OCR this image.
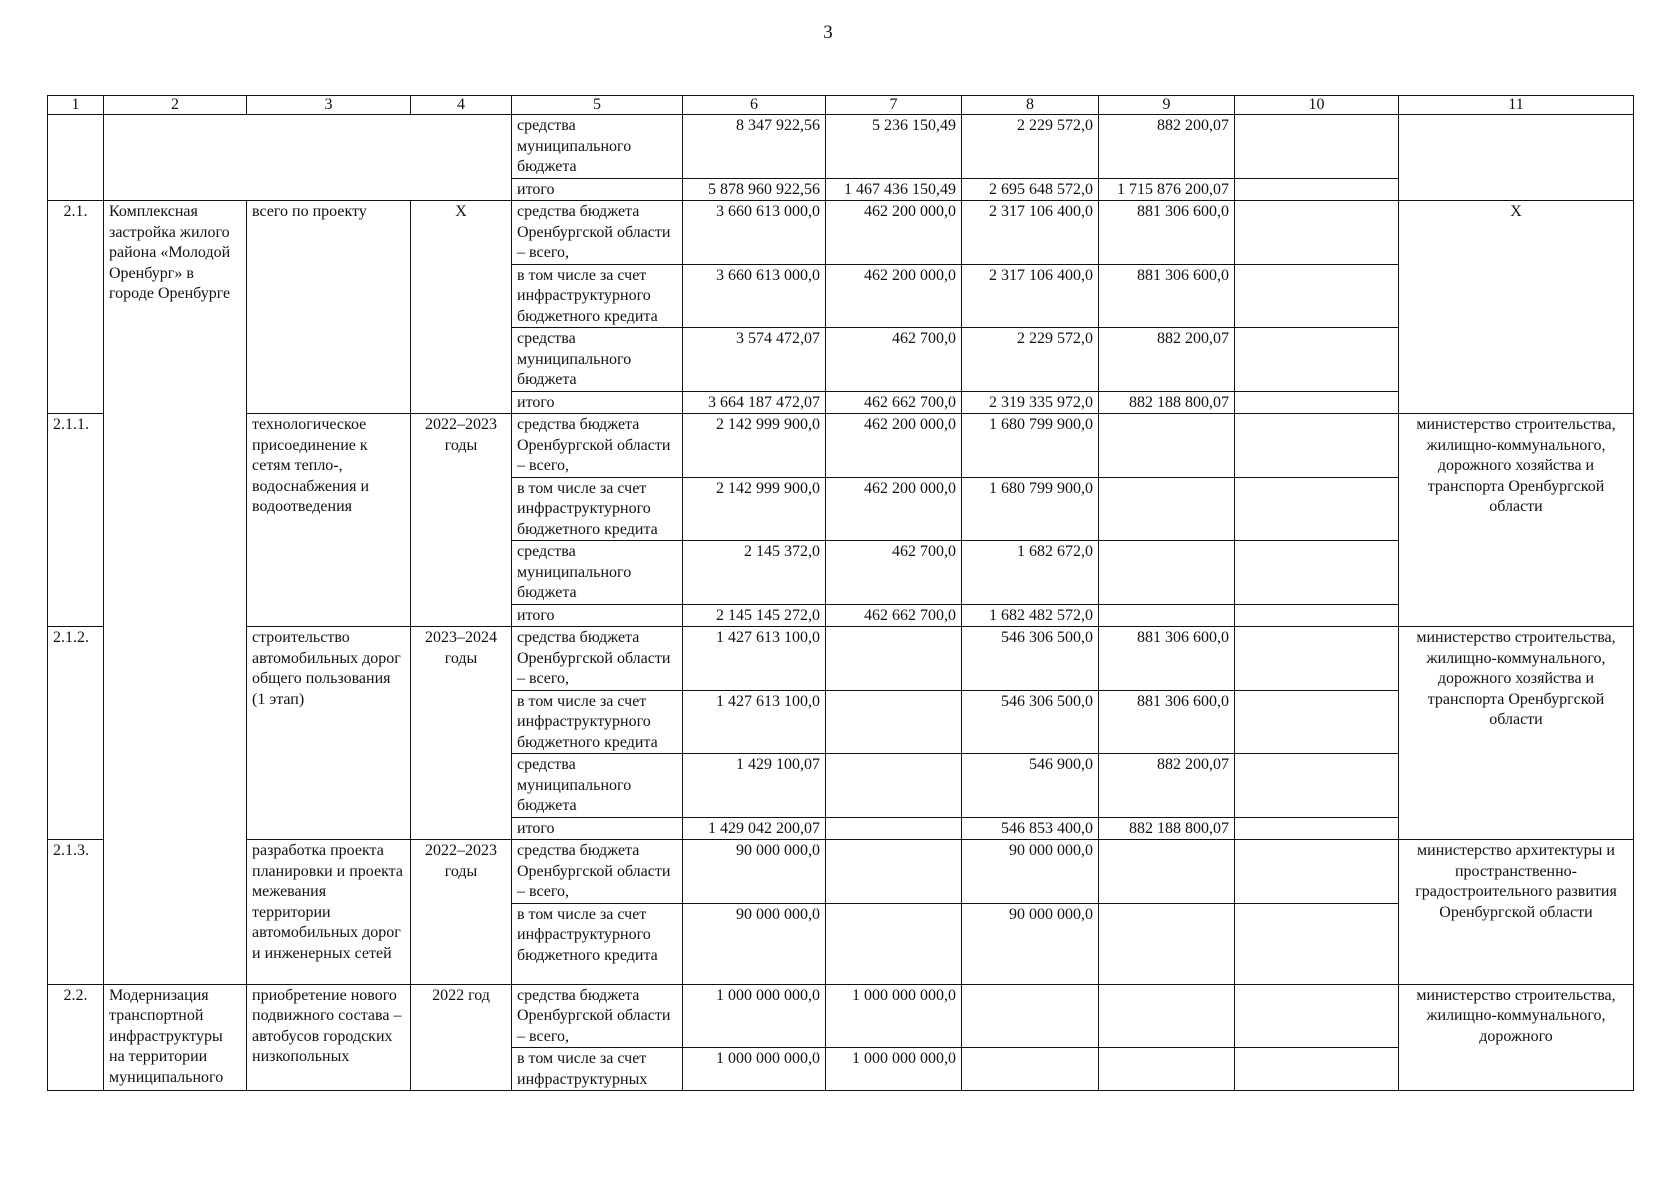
3
1	2	3	4	5	6	7	8	9	10	11
				средства муниципального бюджета	8 347 922,56	5 236 150,49	2 229 572,0	882 200,07		
				итого	5 878 960 922,56	1 467 436 150,49	2 695 648 572,0	1 715 876 200,07		
2.1.	Комплексная застройка жилого района «Молодой Оренбург» в городе Оренбурге	всего по проекту	Х	средства бюджета Оренбургской области – всего,	3 660 613 000,0	462 200 000,0	2 317 106 400,0	881 306 600,0		Х
				в том числе за счет инфраструктурного бюджетного кредита	3 660 613 000,0	462 200 000,0	2 317 106 400,0	881 306 600,0		
				средства муниципального бюджета	3 574 472,07	462 700,0	2 229 572,0	882 200,07		
				итого	3 664 187 472,07	462 662 700,0	2 319 335 972,0	882 188 800,07		
2.1.1.		технологическое присоединение к сетям тепло-, водоснабжения и водоотведения	2022–2023 годы	средства бюджета Оренбургской области – всего,	2 142 999 900,0	462 200 000,0	1 680 799 900,0			министерство строительства, жилищно-коммунального, дорожного хозяйства и транспорта Оренбургской области
				в том числе за счет инфраструктурного бюджетного кредита	2 142 999 900,0	462 200 000,0	1 680 799 900,0			
				средства муниципального бюджета	2 145 372,0	462 700,0	1 682 672,0			
				итого	2 145 145 272,0	462 662 700,0	1 682 482 572,0			
2.1.2.		строительство автомобильных дорог общего пользования (1 этап)	2023–2024 годы	средства бюджета Оренбургской области – всего,	1 427 613 100,0		546 306 500,0	881 306 600,0		министерство строительства, жилищно-коммунального, дорожного хозяйства и транспорта Оренбургской области
				в том числе за счет инфраструктурного бюджетного кредита	1 427 613 100,0		546 306 500,0	881 306 600,0		
				средства муниципального бюджета	1 429 100,07		546 900,0	882 200,07		
				итого	1 429 042 200,07		546 853 400,0	882 188 800,07		
2.1.3.		разработка проекта планировки и проекта межевания территории автомобильных дорог и инженерных сетей	2022–2023 годы	средства бюджета Оренбургской области – всего,	90 000 000,0		90 000 000,0			министерство архитектуры и пространственно-градостроительного развития Оренбургской области
				в том числе за счет инфраструктурного бюджетного кредита	90 000 000,0		90 000 000,0			
2.2.	Модернизация транспортной инфраструктуры на территории муниципального	приобретение нового подвижного состава – автобусов городских низкопольных	2022 год	средства бюджета Оренбургской области – всего,	1 000 000 000,0	1 000 000 000,0				министерство строительства, жилищно-коммунального, дорожного
				в том числе за счет инфраструктурных	1 000 000 000,0	1 000 000 000,0				
